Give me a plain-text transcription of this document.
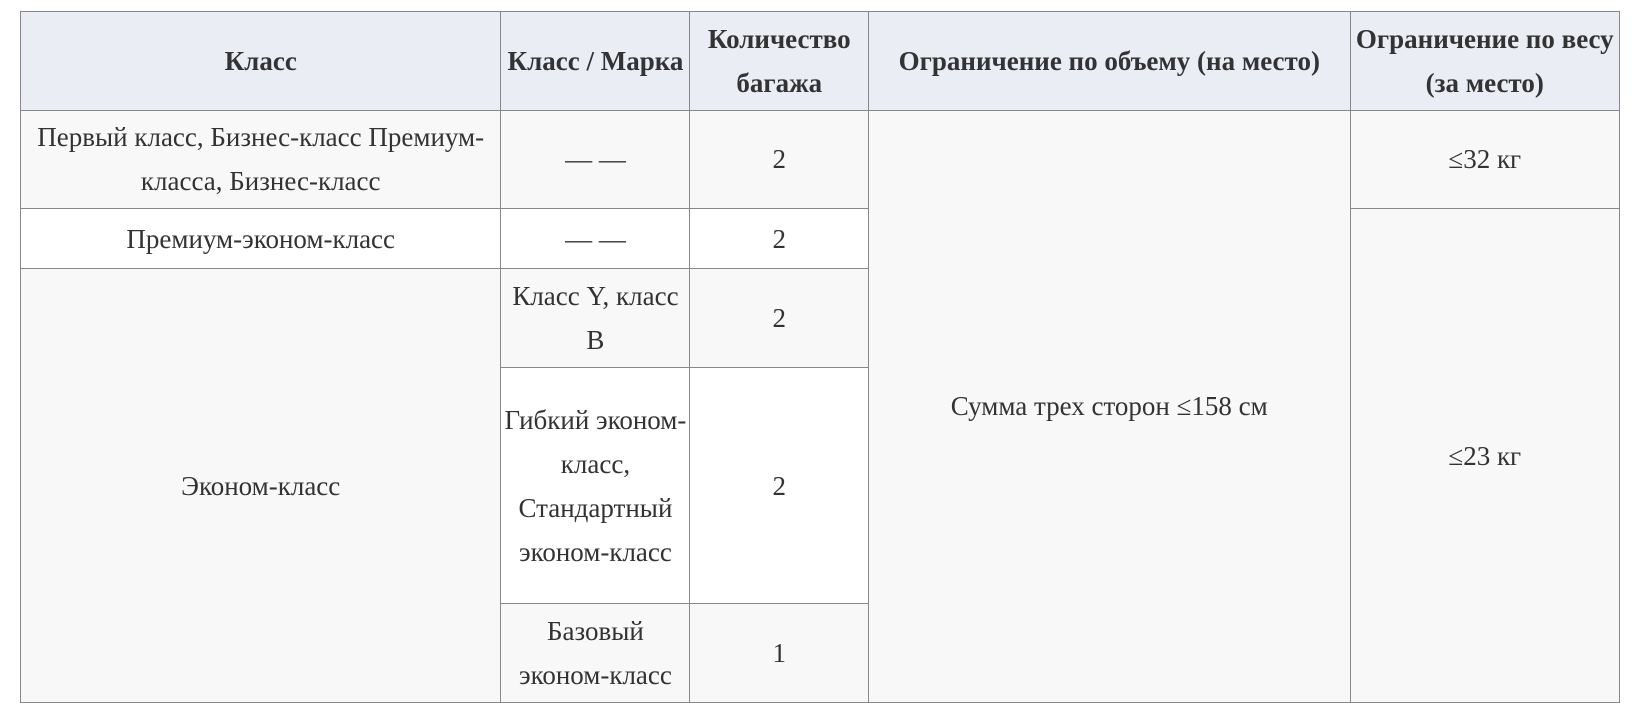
Класс	Класс / Марка	Количество багажа	Ограничение по объему (на место)	Ограничение по весу (за место)
Первый класс, Бизнес-класс Премиум-класса, Бизнес-класс	— —	2	Сумма трех сторон ≤158 см	≤32 кг
Премиум-эконом-класс	— —	2		≤23 кг
Эконом-класс	Класс Y, класс B	2		
	Гибкий эконом-класс, Стандартный эконом-класс	2		
	Базовый эконом-класс	1		
